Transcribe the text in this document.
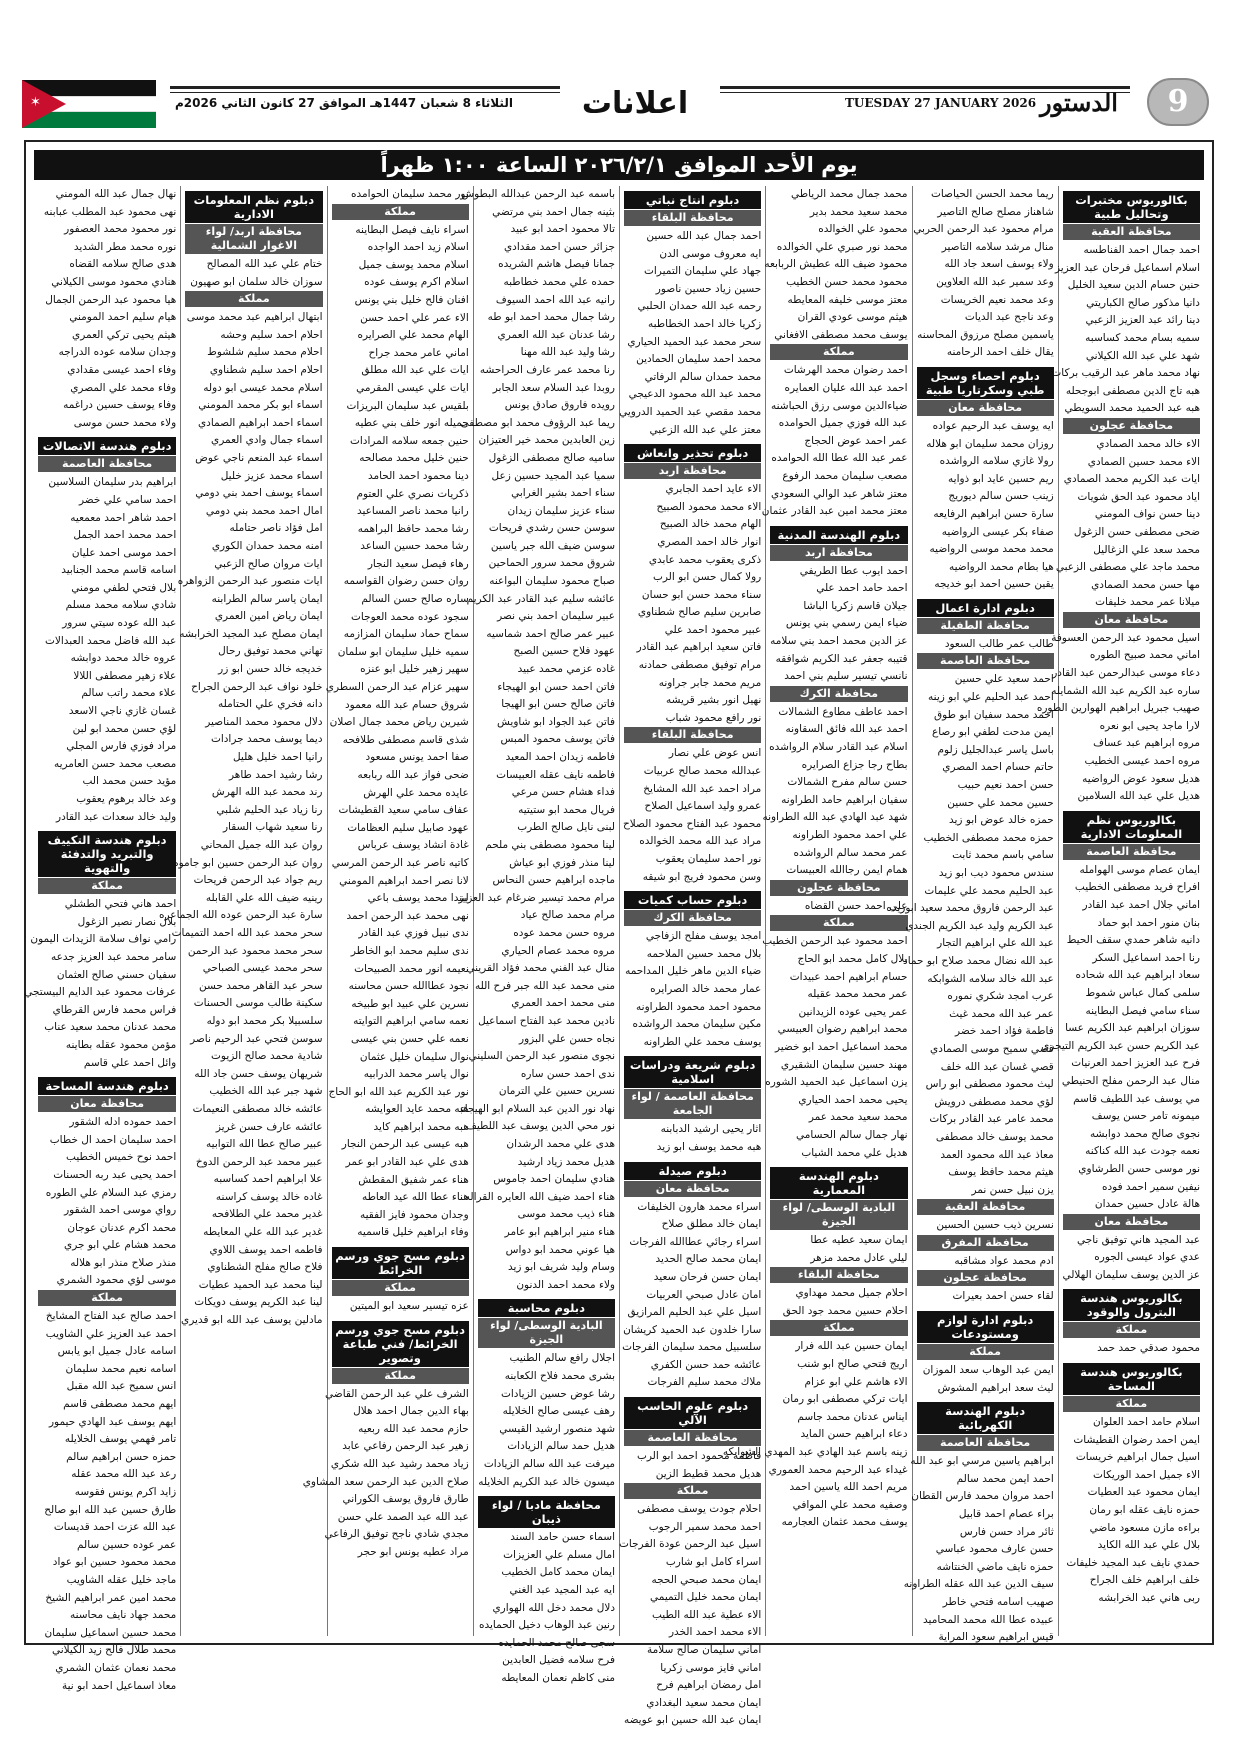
✶	الثلاثاء 8 شعبان 1447هـ الموافق 27 كانون الثاني 2026م	اعلانات	TUESDAY 27 JANUARY 2026 الدستور	9
يوم الأحد الموافق ٢٠٢٦/٢/١ الساعة ١:٠٠ ظهراً
بكالوريوس مختبرات وتحاليل طبية
محافظة العقبة
احمد جمال احمد الفناطسه
اسلام اسماعيل فرحان عبد العزيز
حنين حسام الدين سعيد الخليل
دانيا مذكور صالح الكباريتي
دينا رائد عبد العزيز الزعبي
سميه بسام محمد كساسبه
شهد علي عبد الله الكيلاني
نهاد محمد ماهر عبد الرقيب بركات
هبه تاج الدين مصطفى ابوجحله
هبه عبد الحميد محمد السويطي
محافظة عجلون
الاء خالد محمد الصمادي
الاء محمد حسين الصمادي
ايات عبد الكريم محمد الصمادي
اياد محمود عبد الحق شويات
دينا حسن نواف المومني
ضحى مصطفى حسن الزغول
محمد سعد علي الزغاليل
محمد ماجد علي مصطفى الزعبي
مها حسن محمد الصمادي
ميلانا عمر محمد خليفات
محافظة معان
اسيل محمود عبد الرحمن العسوفة
اماني محمد صبيح الطوره
دعاء موسى عبدالرحمن عبد القادر
ساره عبد الكريم عبد الله الشمايله
صهيب جبريل ابراهيم الهوارين الطوره
لارا ماجد يحيى ابو نعره
مروه ابراهيم عبد عساف
مروه احمد عيسى الخطيب
هديل سعود عوض الرواضيه
هديل علي عبد الله السلامين
بكالوريوس نظم المعلومات الادارية
محافظة العاصمة
ايمان عصام موسى الهوامله
افراح فريد مصطفى الخطيب
اماني جلال احمد عبد القادر
بنان منور احمد ابو حماد
دانيه شاهر حمدي سقف الحيط
رنا احمد اسماعيل السكر
سعاد ابراهيم عبد الله شحاده
سلمى كمال عباس شموط
سناء سامي فيصل البطاينه
سوزان ابراهيم عبد الكريم عسا
عبد الكريم حسن عبد الكريم التيجري
فرح عبد العزيز احمد العرنيات
منال عبد الرحمن مفلح الحنيطي
مي يوسف عبد اللطيف قاسم
ميمونه تامر حسن يوسف
نجوى صالح محمد دوابشه
نعمه جودت عبد الله كناكنه
نور موسى حسن الطرشاوي
نيفين سمير احمد فوده
هالة عادل حسين حمدان
محافظة معان
عبد المجيد هاني توفيق ناجي
عدي عواد عيسى الجوره
عز الدين يوسف سليمان الهلالي
بكالوريوس هندسة البترول والوقود
مملكة
محمود صدقي حمد حمد
بكالوريوس هندسة المساحة
مملكة
اسلام حامد احمد العلوان
ايمن احمد رضوان القطيشات
اسيل جمال ابراهيم خريسات
الاء جميل احمد الوريكات
ايمان محمود عبد العطيات
حمزه نايف عقله ابو رمان
براءه مازن مسعود ماضي
بلال علي عبد الله الكايد
حمدي نايف عبد المجيد خليفات
خلف ابراهيم خلف الجراح
ربى هاني عبد الخرابشه
ريما محمد الحسن الحياصات
شاهناز مصلح صالح التاصير
مرام محمود عبد الرحمن الحربي
منال مرشد سلامه التاصير
ولاء يوسف اسعد جاد الله
وعد سمير عبد الله العلاوين
وعد محمد نعيم الخريسات
وعد ناجح عبد الديات
ياسمين مصلح مرزوق المحاسنه
يقال خلف احمد الرحامنه
دبلوم احصاء وسجل طبي وسكرتاريا طبية
محافظة معان
ايه يوسف عبد الرحيم عواده
روزان محمد سليمان ابو هلاله
رولا غازي سلامه الرواشده
ريم حسين عايد ابو ذوايه
زينب حسن سالم ديوريج
سارة حسن ابراهيم الرفايعه
صفاء بكر عيسى الرواضيه
محمد محمد موسى الرواضيه
هيا بطام محمد الرواضيه
يقين حسين احمد ابو خديجه
دبلوم ادارة اعمال
محافظة الطفيلة
طالب عمر طالب السعود
محافظة العاصمة
احمد سعيد علي حسين
احمد عبد الحليم علي ابو زينه
احمد محمد سفيان ابو طوق
ايمن مدحت لطفي ابو رصاع
باسل ياسر عبدالجليل زلوم
حاتم حسام احمد المصري
حسن احمد نعيم حبيب
حسين محمد علي حسين
حمزه خالد عوض ابو زيد
حمزه محمد مصطفى الخطيب
سامي باسم محمد ثابت
سندس محمود ديب ابو زيد
عبد الحليم محمد علي عليمات
عبد الرحمن فاروق محمد سعيد ابوريده
عبد الكريم وليد عبد الكريم الجندي
عبد الله علي ابراهيم التجار
عبد الله نضال محمد صلاح ابو حماد
عبد الله خالد سلامه الشوابكه
عرب امجد شكري نموره
عمر عبد الله محمد غيث
فاطمة فؤاد احمد خضر
قصي سميح موسى الصمادي
قصي غسان عبد الله خلف
ليث محمود مصطفى ابو راس
لؤي محمد مصطفى درويش
محمد عامر عبد القادر بركات
محمد يوسف خالد مصطفى
معاذ عبد الله محمود العمد
هيثم محمد حافظ يوسف
يزن نبيل حسن نمر
محافظة العقبة
نسرين ذيب حسين الحسين
محافظة المفرق
ادم محمد عواد مشاقبه
محافظة عجلون
لقاء حسن احمد بعيرات
دبلوم ادارة لوازم ومستودعات
مملكة
ايمن عبد الوهاب سعد الموزان
ليث سعد ابراهيم المشوش
دبلوم الهندسة الكهربائية
محافظة العاصمة
ابراهيم ياسين مرسي ابو عبد الله
احمد ايمن محمد سالم
احمد مروان محمد فارس القطان
براء عصام احمد قابيل
ثائر مراد حسن فارس
حسن عارف محمود عباسي
حمزه نايف ماضي الخنتاشه
سيف الدين عبد الله عقله الطراونه
صهيب اسامه فتحي خاطر
عبيده عطا الله محمد المحاميد
قيس ابراهيم سعود المراية
محمد جمال محمد الرياطي
محمد سعيد محمد بدير
محمود علي الخوالده
محمد نور صبري علي الخوالده
محمود ضيف الله عطيش الربابعه
محمود محمد حسن الخطيب
معتز موسى خليفه المعايطه
هيثم موسى عودي القران
يوسف محمد مصطفى الافغاني
مملكة
احمد رضوان محمد الهرشات
احمد عبد الله عليان العمايره
ضياءالدين موسى رزق الحباشنه
عبد الله فوزي جميل الحوامده
عمر احمد عوض الحجاج
عمر عبد الله عطا الله الحوامده
مصعب سليمان محمد الرفوع
معتز شاهر عبد الوالي السعودي
معتز محمد امين عبد القادر عثمان
دبلوم الهندسة المدنية
محافظة اربد
احمد ايوب عطا الطريفي
احمد حامد احمد علي
جيلان قاسم زكريا الباشا
ضياء ايمن رسمي بني يونس
عز الدين محمد احمد بني سلامه
قتيبه جعفر عبد الكريم شوافقه
نانسي تيسير سليم بني احمد
محافظة الكرك
احمد عاطف مطاوع الشمالات
احمد عبد الله فائق السقاونه
اسلام عبد القادر سلام الرواشده
بطاح رجا جزاع الصرايره
حسن سالم مفرح الشمالات
سفيان ابراهيم حامد الطراونه
شهد عبد الهادي عبد الله الطراونه
علي احمد محمود الطراونه
عمر محمد سالم الرواشده
همام ايمن رجاالله العبيسات
محافظة عجلون
علي احمد حسن القضاه
مملكة
احمد محمود عبد الرحمن الخطيب
بلال كامل محمد ابو الحاج
حسام ابراهيم احمد عبيدات
عمر محمد محمد عقيله
عمر يحيى عوده الزيدانين
محمد ابراهيم رضوان العبيسي
محمد اسماعيل احمد ابو خضير
مهند حسين سليمان الشقيري
يزن اسماعيل عبد الحميد الشوره
يحيى محمد احمد الحياري
محمد سعيد محمد عمر
نهار جمال سالم الحسامي
هديل علي محمد الشياب
دبلوم الهندسة المعمارية
البادية الوسطى/ لواء الجيزة
ايمان سعيد عطيه عطا
ليلي عادل محمد مزهر
محافظة البلقاء
احلام جميل محمد مهداوي
احلام حسين محمد جود الحق
مملكة
ايمان حسين عبد الله فرار
اريج فتحي صالح ابو شنب
الاء هاشم علي ابو عزام
ايات تركي مصطفى ابو رمان
ايناس عدنان محمد جاسم
دعاء ابراهيم حسن المايد
زينه باسم عبد الهادي عبد المهدي الشوابكه
غيداء عبد الرحيم محمد العموري
مريم احمد الله ياسين احمد
وصفيه محمد علي الموافي
يوسف محمد عثمان العجارمه
دبلوم انتاج نباتي
محافظة البلقاء
احمد جمال عبد الله حسين
ايه معروف موسى الدن
جهاد علي سليمان التميرات
حسين زياد حسين ناصور
رحمه عبد الله حمدان الحلبي
زكريا خالد احمد الخطاطبه
سحر محمد عبد الحميد الحياري
محمد احمد سليمان الحمادين
محمد حمدان سالم الرفاتي
محمد عبد الله محمود الدعيجي
محمد مقصي عبد الحميد الدرويي
معتز علي عبد الله الزعبي
دبلوم تحذير وانعاش
محافظة اربد
الاء عايد احمد الجابري
الاء محمد محمود الصبيح
الهام محمد خالد الصبيح
انوار خالد احمد المصري
ذكرى يعقوب محمد عابدي
رولا كمال حسن ابو الرب
سناء محمد حسن ابو حسان
صابرين سليم صالح شطناوي
عبير محمود احمد علي
فاتن سعيد ابراهيم عبد القادر
مرام توفيق مصطفى حمادنه
مريم محمد جابر جراونه
نهيل انور بشير قريشه
نور رافع محمود شباب
محافظة البلقاء
انس عوض علي نصار
عبدالله محمد صالح عربيات
مراد احمد عبد الله المشايخ
عمرو وليد اسماعيل الصلاح
محمود عبد الفتاح محمود الصلاح
مراد عبد الله محمد الخوالده
نور احمد سليمان يعقوب
وسن محمود فريج ابو شيقه
دبلوم حساب كميات
محافظة الكرك
امجد يوسف مفلح الزفاجي
بلال محمد حسين الملاحمه
ضياء الدين ماهر خليل المداحمه
عمار محمد خالد الصرايره
محمود احمد محمود الطراونه
مكين سليمان محمد الرواشده
يوسف محمد علي الطراونه
دبلوم شريعة ودراسات اسلامية
محافظة العاصمة / لواء الجامعة
اثار يحيى ارشيد الدبابنه
هبه محمد يوسف ابو زيد
دبلوم صيدلة
محافظة معان
اسراء محمد هارون الخليفات
ايمان خالد مطلق صلاح
اسراء رجائي عطاالله الفرجات
ايمان محمد صالح الحديد
ايمان حسن فرحان سعيد
امان عادل صبحي العربيات
اسيل علي عبد الحليم المرازيق
سارا خلدون عبد الحميد كريشان
سلسبيل محمد سليمان الفرجات
عائشه حمد حسن الكفري
ملاك محمد سليم الفرجات
دبلوم علوم الحاسب الآلي
محافظة العاصمة
فاطمه محمود احمد ابو الرب
هديل محمد قطيط الزين
مملكة
احلام جودت يوسف مصطفى
احمد محمد سمير الرجوب
اسيل عبد الرحمن عودة الفرجات
اسراء كامل ابو شارب
ايمان محمد صبحي الحجه
ايمان محمد خليل التميمي
الاء عطية عبد الله الطيب
الاء محمد احمد الخدر
اماني سليمان صالح سلامة
اماني فايز موسى زكريا
امل رمضان ابراهيم فرح
ايمان محمد سعيد البغدادي
ايمان عبد الله حسين ابو عويضه
باسمه عبد الرحمن عبدالله البطوش
بثينه جمال احمد بني مرتضي
تالا محمود احمد ابو عبيد
جزائر حسن احمد مقدادي
جمانا فيصل هاشم الشريده
حمده علي محمد خطاطبه
رانيه عبد الله احمد السيوف
رشا جمال محمد احمد ابو طه
رشا عدنان عبد الله العمري
رشا وليد عبد الله مهنا
رنا محمد عمر عارف الحراحشه
روبدا عبد السلام سعد الجابر
رويده فاروق صادق يونس
ريما عبد الرؤوف محمد ابو مصطفى
زين العابدين محمد خير العتيزان
ساميه صالح مصطفى الزغول
سميا عبد المجيد حسين زعل
سناء احمد بشير الغرابي
سناء عزيز سليمان زيدان
سوسن حسن رشدي فريحات
سوسن ضيف الله جبر ياسين
شروق محمد سرور الحماحين
صباح محمود سليمان البواعنه
عائشه سليم عبد القادر عبد الكريم
عبير سليمان احمد بني نصر
عبير عمر صالح احمد شماسيه
عهود فلاح حسين الصبح
غاده عزمي محمد عبيد
فاتن احمد حسن ابو الهيجاء
فاتن صالح حسن ابو الهيجا
فاتن عبد الجواد ابو شاويش
فاتن يوسف محمود المبس
فاطمه زيدان احمد المعيد
فاطمه نايف عقله العبيسات
فداء هشام حسن مرعي
فريال محمد ابو ستيتيه
لبنى نايل صالح الطرب
لينا محمود مصطفى بني ملحم
لينا منذر فوزي ابو عياش
ماجده ابراهيم حسن النحاس
مرام محمد تيسير ضرغام عبد العزيز
مرام محمد صالح عياد
مروه حسن محمد عوده
مروه محمد عصام الحياري
منال عبد الفني محمد فؤاد القريني
منى محمد عبد الله جبر فرح الله
منى محمد احمد العمري
نادين محمد عبد الفتاح اسماعيل
نجاه حسن علي البزور
نجوى منصور عبد الرحمن السليني
ندى احمد حسن ساره
نسرين حسين علي الترمان
نهاد نور الدين عبد السلام ابو الهيجاء
نور محي الدين يوسف عبد اللطيف
هدى علي محمد الرشدان
هديل محمد زياد ارشيد
هنادي سليمان احمد جاموس
هناء احمد ضيف الله العايره القراله
هناء ذيب محمد موسى
هناء منير ابراهيم ابو عامر
هيا عوني محمد ابو دواس
وسام وليد شريف ابو زيد
ولاء محمد احمد الدنون
دبلوم محاسبة
البادية الوسطى/ لواء الجيزة
اجلال رافع سالم الطنيب
بشرى محمد فلاح الكعابنه
رشا عوض حسين الزيادات
رهف عيسى صالح الخلايله
شهد منصور ارشيد القيسي
هديل حمد سالم الزيادات
ميرفت عبد الله سالم الزيادات
ميسون خالد عبد الكريم الخلايله
محافظة مادبا / لواء ذيبان
اسماء حسن حامد السند
امال مسلم علي العزيزات
ايمان محمد كامل الخطيب
ايه عبد المجيد عبد الغني
دلال محمد دخل الله الهواري
رنين عبد الوهاب دخيل الحمايده
سجى صالح محمد الحمايده
فرح سلامه فضيل العابدين
منى كاظم نعمان المعايطه
نور محمد سليمان الحوامده
مملكة
اسراء نايف فيصل البطاينه
اسلام زيد احمد الواجده
اسلام محمد يوسف جميل
اسلام اكرم يوسف عوده
افنان فالح خليل بني يونس
الاء عمر علي احمد حسن
الهام محمد علي الصرايره
اماني عامر محمد جراح
ايات علي عبد الله مطلق
ايات علي عيسى المقرمي
بلقيس عبد سليمان البريزات
جميله انور خلف بني عطيه
حنين جمعه سلامه المرادات
حنين خليل محمد مصالحه
دينا محمود احمد الحامد
ذكريات نصري علي العتوم
رانيا محمد ناصر المساعيد
رشا محمد حافظ البراهمه
رشا محمد حسين الساعد
رهاء فيصل سعيد النجار
روان حسن رضوان القواسمه
ساره صالح حسن السالم
سجود عوده محمد العوجات
سماح حماد سليمان المزازمه
سميه خليل سليمان ابو سلمان
سهير زهير خليل ابو عنزه
سهير عزام عبد الرحمن السطري
شروق حسام عبد الله معمود
شيرين رياض محمد جمال اصلان
شذى قاسم مصطفى طلافحه
صفا احمد يونس مسعود
ضحى فواز عبد الله ربابعه
عايده محمد علي الهرش
عفاف سامي سعيد القطيشات
عهود صابيل سليم العظامات
غادة انشاد يوسف عرباس
كاتيه ناصر عبد الرحمن المرسي
لانا نصر احمد ابراهيم المومني
ليندا محمد يوسف باعي
نهى محمد عبد الرحمن احمد
ندى نبيل فوزي عبد القادر
ندى سليم محمد ابو الخاطر
نعيمه انور محمد الصبيحات
نجود عطاالله حسن محاسنه
نسرين علي عبيد ابو طبيخه
نعمه سامي ابراهيم التوايته
نعمه علي حسن بني عيسى
نوال سليمان خليل عثمان
نوال ياسر محمد الدرابيه
نور عبد الكريم عبد الله ابو الحاج
هبه محمد عايد العوايشه
هبه محمد ابراهيم كايد
هبه عيسى عبد الرحمن النجار
هدى علي عبد القادر ابو عمر
هناء عمر شفيق المقطش
هناء عطا الله عيد العاطه
وجدان محمود فايز الفقيه
وفاء ابراهيم خليل قاسميه
دبلوم مسح جوي ورسم الخرائط
مملكة
عزه تيسير سعيد ابو الميتين
دبلوم مسح جوي ورسم الخرائط/ فني طباعة وتصوير
مملكة
الشرف علي عبد الرحمن القاضي
بهاء الدين جمال احمد هلال
حازم محمد عبد الله ربعيه
زهير عبد الرحمن رفاعي عابد
زياد محمد رشيد عبد الله شكري
صلاح الدين عبد الرحمن سعد المشاوي
طارق فاروق يوسف الكوراني
عبد الله عبد الصمد علي حسن
مجدي شادي ناجح توفيق الرفاعي
مراد عطيه يونس ابو حجر
دبلوم نظم المعلومات الادارية
محافظة اربد/ لواء الاغوار الشمالية
ختام علي عبد الله المصالح
سوزان خالد سلمان ابو صهيون
مملكة
ابتهال ابراهيم عبد محمد موسى
احلام احمد سليم وحشه
احلام محمد سليم شلشوط
احلام احمد سليم شطناوي
اسلام محمد عيسى ابو دوله
اسماء ابو بكر محمد المومني
اسماء احمد ابراهيم الصمادي
اسماء جمال وادي العمري
اسماء عبد المنعم ناجي عوض
اسماء محمد عزيز خليل
اسماء يوسف احمد بني دومي
امال احمد محمد بني دومي
امل فؤاد ناصر حتامله
امنه محمد حمدان الكوري
ايات مروان صالح الزعبي
ايات منصور عبد الرحمن الزواهره
ايمان ياسر سالم الطرابنه
ايمان رياض امين العمري
ايمان مصلح عبد المجيد الخرابشه
تهاني محمد توفيق رحال
خديجه خالد حسن ابو زر
خلود نواف عبد الرحمن الجراح
دانه فخري علي الحتامله
دلال محمود محمد المناصير
ديما يوسف محمد جرادات
رانيا احمد خليل هليل
رشا رشيد احمد طاهر
رند محمد عبد الله الهرش
رنا زياد عبد الحليم شلبي
رنا سعيد شهاب السقار
روان عبد الله جميل المحاني
روان عبد الرحمن حسين ابو جاموه
ريم جواد عبد الرحمن فريحات
رينيه ضيف الله علي القابله
سارة عبد الرحمن عوده الله الجماعره
سحر محمد عبد الله احمد التميمات
سحر محمد محمود عبد الرحمن
سحر محمد عيسى الصباحي
سحر عبد القاهر محمد حسن
سكينة طالب موسى الحسنات
سلسبيلا بكر محمد ابو دوله
سوسن فتحي عبد الرحيم ناصر
شادية محمد صالح الزيوت
شريهان يوسف حسن جاد الله
شهد جبر عبد الله الخطيب
عائشه خالد مصطفى النعيمات
عائشه عارف حسن غريز
عبير صالح عطا الله التوابيه
عبير محمد عبد الرحمن الدوخ
علا ابراهيم احمد كساسبه
غاده خالد يوسف كراسنه
غدير محمد علي الطلافحه
غدير عبد الله علي المعايطه
فاطمه احمد يوسف اللاوي
فلاح صالح مفلح الشطناوي
لينا محمد عبد الحميد عطيات
لينا عبد الكريم يوسف دويكات
مادلين يوسف عبد الله ابو قديري
نهال جمال عبد الله المومني
نهى محمود عبد المطلب عبابنه
نور محمود محمد العصفور
نوره محمد مطر الشديد
هدى صالح سلامه القضاه
هنادي محمود موسى الكيلاني
هيا محمود عبد الرحمن الجمال
هيام سليم احمد المومني
هيثم يحيى تركي العمري
وجدان سلامه عوده الدراجه
وفاء احمد عيسى مقدادي
وفاء محمد علي المصري
وفاء يوسف حسين دراغمه
ولاء محمد حسن موسى
دبلوم هندسة الاتصالات
محافظة العاصمة
ابراهيم بدر سليمان السلاسين
احمد سامي علي خضر
احمد شاهر احمد معمعيه
احمد محمد احمد الجمل
احمد موسى احمد عليان
اسامه قاسم محمد الجنابيد
بلال فتحي لطفي مومني
شادي سلامه محمد مسلم
عبد الله عوده سيتي سرور
عبد الله فاضل محمد العبدالات
عروه خالد محمد دوابشه
علاء زهير مصطفى اللالا
علاء محمد راتب سالم
غسان غازي ناجي الاسعد
لؤي حسن محمد ابو لبن
مراد فوزي فارس المجلي
مصعب محمد حسن العامريه
مؤيد حسن محمد الب
وعد خالد برهوم يعقوب
وليد خالد سعدات عبد القادر
دبلوم هندسة التكييف والتبريد والتدفئة والتهوية
مملكة
احمد هاني فتحي الطشلي
بلال نصار نصير الزغول
رامي نواف سلامة الزيدات اليمون
سامر محمد عبد العزيز جدعه
سفيان حسني صالح العثمان
عرفات محمود عبد الدايم البيستجي
فراس محمد فارس القرطاي
محمد عدنان محمد سعيد عناب
مؤمن محمود عقله بطاينه
وائل احمد علي قاسم
دبلوم هندسة المساحة
محافظة معان
احمد حموده ادله الشقور
احمد سليمان احمد ال خطاب
احمد نوح خميس الخطيب
احمد يحيى عبد ربه الحسنات
رمزي عبد السلام علي الطوره
رواي موسى احمد الشقور
محمد اكرم عدنان عوجان
محمد هشام علي ابو جري
منذر صلاح منذر ابو هلاله
موسى لؤي محمود الشمري
مملكة
احمد صالح عبد الفتاح المشايخ
احمد عبد العزيز علي الشاويب
اسامه عادل جميل ابو يابس
اسامه نعيم محمد سليمان
انس سميح عبد الله مقبل
ايهم محمد مصطفى قاسم
ايهم يوسف عبد الهادي حيمور
تامر فهمي يوسف الخلايله
حمزه حسن ابراهيم سالم
رعد عبد الله محمد عقله
زايد اكرم يونس فقوسه
طارق حسين عبد الله ابو صالح
عبد الله عزت احمد قديسات
عمر عوده حسين سالم
محمد محمود حسين ابو عواد
ماجد خليل عقله الشاويب
محمد امين عمر ابراهيم الشيخ
محمد جهاد نايف محاسنه
محمد حسين اسماعيل سليمان
محمد طلال فالح زيد الكيلاني
محمد نعمان عثمان الشمري
معاذ اسماعيل احمد ابو نية
